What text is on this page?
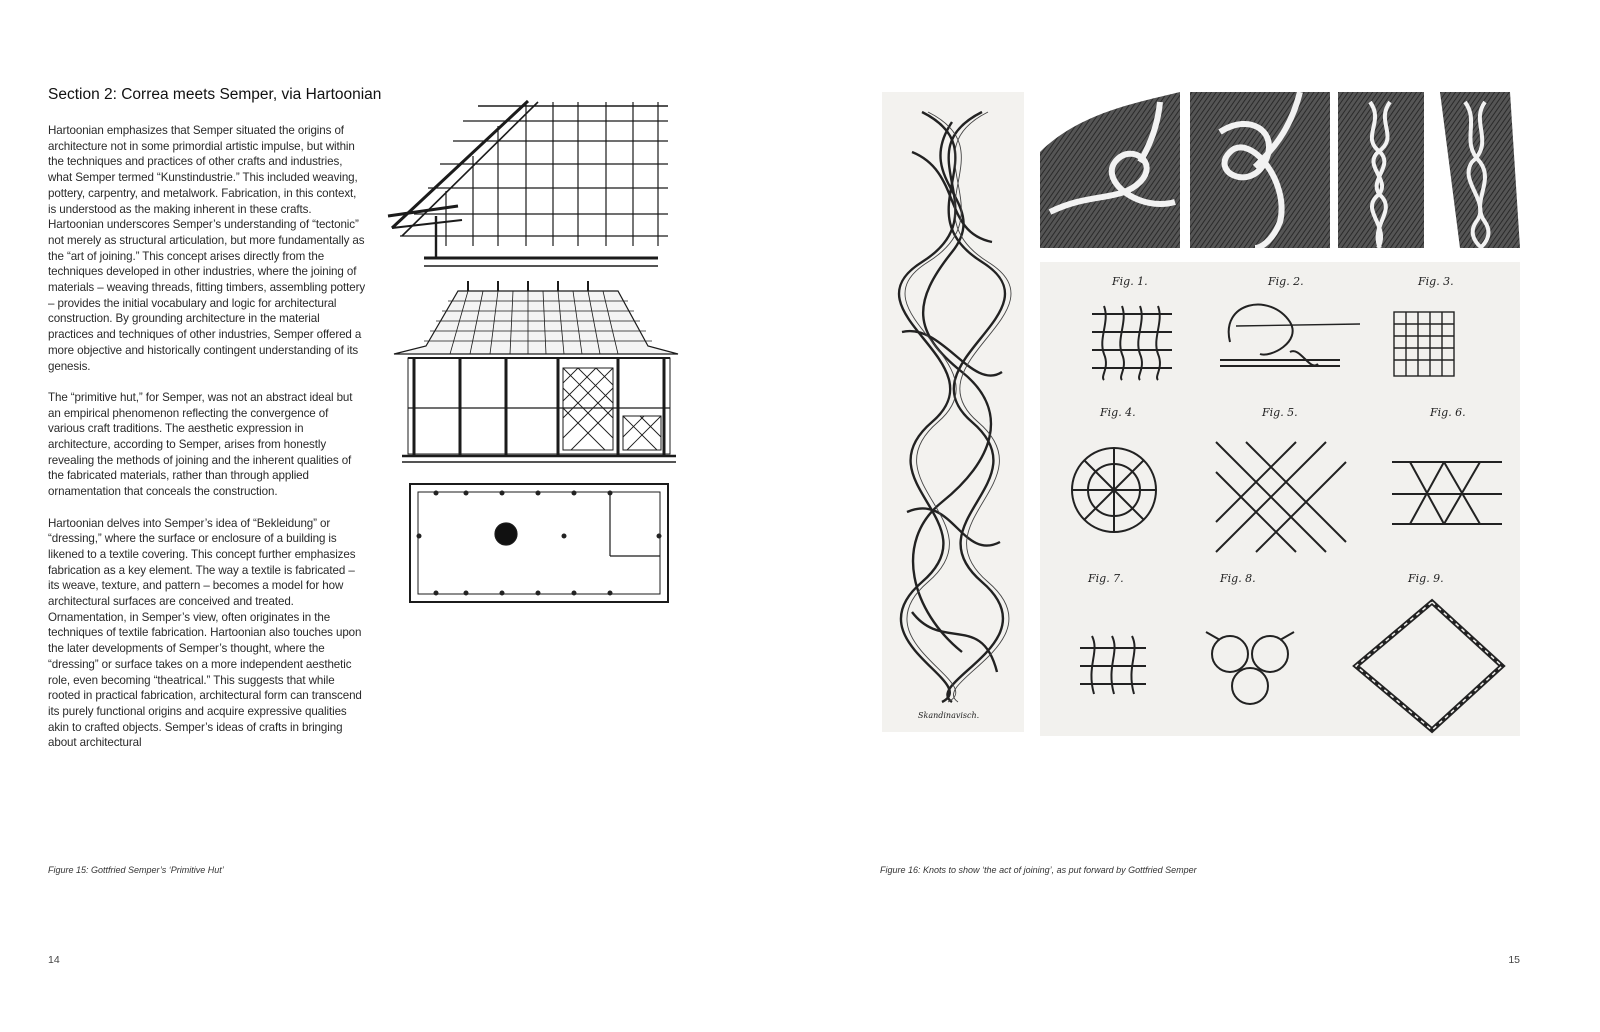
Section 2: Correa meets Semper, via Hartoonian

Hartoonian emphasizes that Semper situated the origins of architecture not in some primordial artistic impulse, but within the techniques and practices of other crafts and industries, what Semper termed “Kunstindustrie.” This included weaving, pottery, carpentry, and metalwork. Fabrication, in this context, is understood as the making inherent in these crafts. Hartoonian underscores Semper’s understanding of “tectonic” not merely as structural articulation, but more fundamentally as the “art of joining.” This concept arises directly from the techniques developed in other industries, where the joining of materials – weaving threads, fitting timbers, assembling pottery – provides the initial vocabulary and logic for architectural construction. By grounding architecture in the material practices and techniques of other industries, Semper offered a more objective and historically contingent understanding of its genesis.

The “primitive hut,” for Semper, was not an abstract ideal but an empirical phenomenon reflecting the convergence of various craft traditions. The aesthetic expression in architecture, according to Semper, arises from honestly revealing the methods of joining and the inherent qualities of the fabricated materials, rather than through applied ornamentation that conceals the construction.

Hartoonian delves into Semper’s idea of “Bekleidung” or “dressing,” where the surface or enclosure of a building is likened to a textile covering. This concept further emphasizes fabrication as a key element. The way a textile is fabricated – its weave, texture, and pattern – becomes a model for how architectural surfaces are conceived and treated. Ornamentation, in Semper’s view, often originates in the techniques of textile fabrication. Hartoonian also touches upon the later developments of Semper’s thought, where the “dressing” or surface takes on a more independent aesthetic role, even becoming “theatrical.” This suggests that while rooted in practical fabrication, architectural form can transcend its purely functional origins and acquire expressive qualities akin to crafted objects. Semper’s ideas of crafts in bringing about architectural

Figure 15: Gottfried Semper’s ‘Primitive Hut’
14
Figure 16: Knots to show ‘the act of joining’, as put forward by Gottfried Semper
15
Skandinavisch.
Fig. 1.	Fig. 2.	Fig. 3.
Fig. 4.	Fig. 5.	Fig. 6.
Fig. 7.	Fig. 8.	Fig. 9.
